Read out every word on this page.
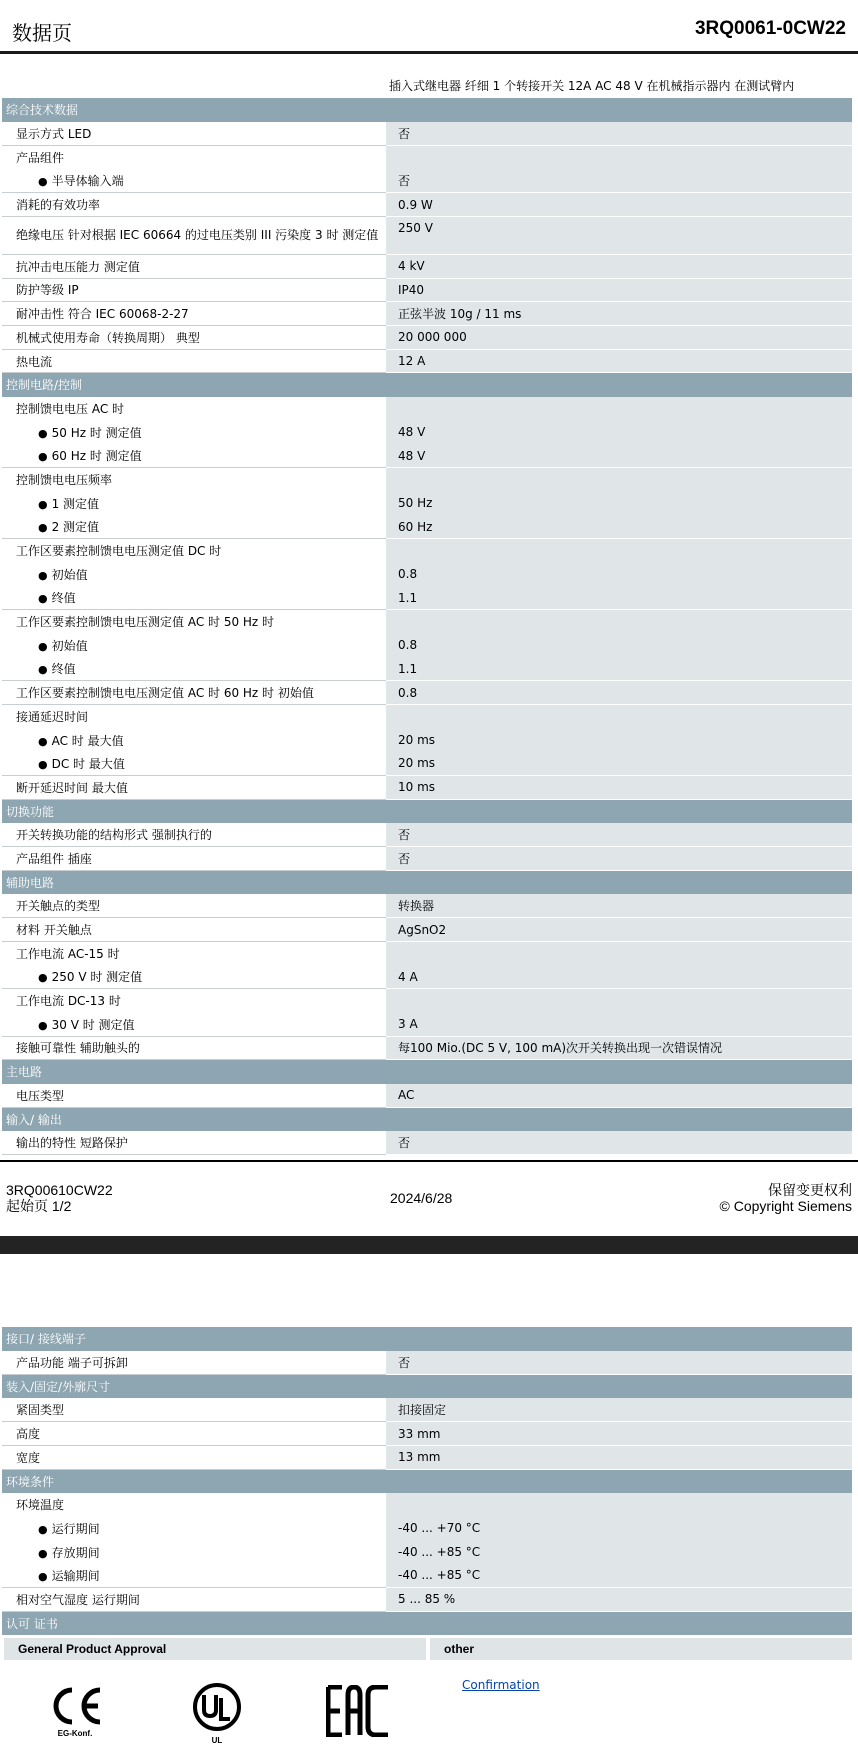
数据页	3RQ0061-0CW22
插入式继电器 纤细 1 个转接开关 12A AC 48 V 在机械指示器内 在测试臂内
综合技术数据	
显示方式 LED	否
产品组件	
● 半导体输入端	否
消耗的有效功率	0.9 W
绝缘电压 针对根据 IEC 60664 的过电压类别 III 污染度 3 时 测定值	250 V
抗冲击电压能力 测定值	4 kV
防护等级 IP	IP40
耐冲击性 符合 IEC 60068-2-27	正弦半波 10g / 11 ms
机械式使用寿命（转换周期） 典型	20 000 000
热电流	12 A
控制电路/控制	
控制馈电电压 AC 时	
● 50 Hz 时 测定值	48 V
● 60 Hz 时 测定值	48 V
控制馈电电压频率	
● 1 测定值	50 Hz
● 2 测定值	60 Hz
工作区要素控制馈电电压测定值 DC 时	
● 初始值	0.8
● 终值	1.1
工作区要素控制馈电电压测定值 AC 时 50 Hz 时	
● 初始值	0.8
● 终值	1.1
工作区要素控制馈电电压测定值 AC 时 60 Hz 时 初始值	0.8
接通延迟时间	
● AC 时 最大值	20 ms
● DC 时 最大值	20 ms
断开延迟时间 最大值	10 ms
切换功能	
开关转换功能的结构形式 强制执行的	否
产品组件 插座	否
辅助电路	
开关触点的类型	转换器
材料 开关触点	AgSnO2
工作电流 AC-15 时	
● 250 V 时 测定值	4 A
工作电流 DC-13 时	
● 30 V 时 测定值	3 A
接触可靠性 辅助触头的	每100 Mio.(DC 5 V, 100 mA)次开关转换出现一次错误情况
主电路	
电压类型	AC
输入/ 输出	
输出的特性 短路保护	否
3RQ00610CW22
起始页 1/2	2024/6/28	保留变更权利
© Copyright Siemens
接口/ 接线端子	
产品功能 端子可拆卸	否
装入/固定/外廓尺寸	
紧固类型	扣接固定
高度	33 mm
宽度	13 mm
环境条件	
环境温度	
● 运行期间	-40 ... +70 °C
● 存放期间	-40 ... +85 °C
● 运输期间	-40 ... +85 °C
相对空气湿度 运行期间	5 ... 85 %
认可 证书	
General Product Approval	other
EG-Konf.
UL
Confirmation
